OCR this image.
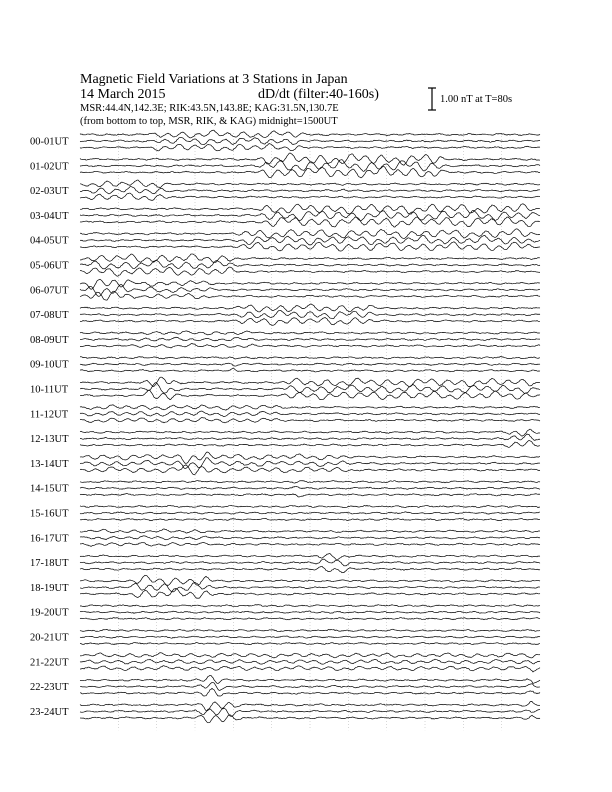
Magnetic Field Variations at 3 Stations in Japan
14 March 2015	dD/dt (filter:40-160s)
MSR:44.4N,142.3E; RIK:43.5N,143.8E; KAG:31.5N,130.7E
(from bottom to top, MSR, RIK, & KAG) midnight=1500UT
1.00 nT at T=80s
00-01UT
01-02UT
02-03UT
03-04UT
04-05UT
05-06UT
06-07UT
07-08UT
08-09UT
09-10UT
10-11UT
11-12UT
12-13UT
13-14UT
14-15UT
15-16UT
16-17UT
17-18UT
18-19UT
19-20UT
20-21UT
21-22UT
22-23UT
23-24UT
